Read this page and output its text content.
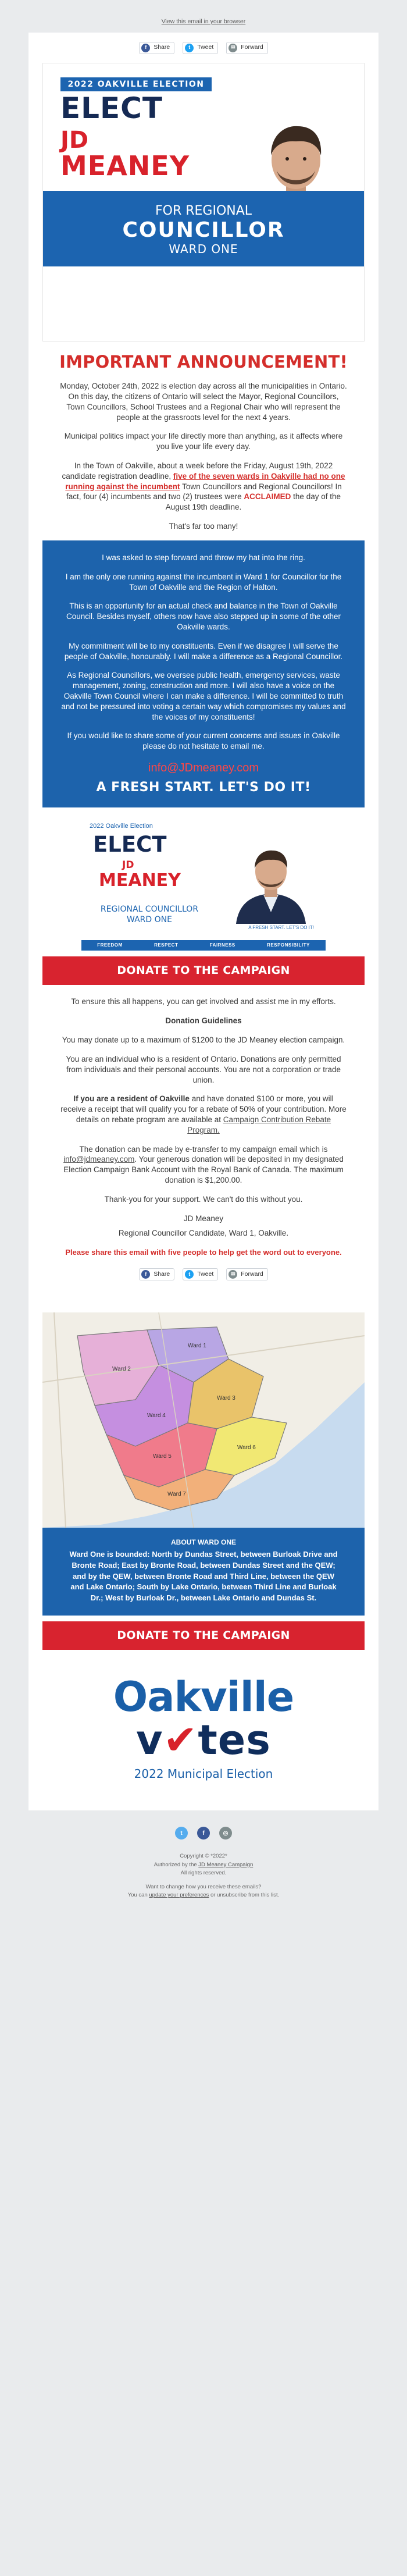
View this email in your browser
f	Share	t	Tweet	✉ Forward
2022 OAKVILLE ELECTION
ELECT
JD
MEANEY
FOR REGIONAL
COUNCILLOR
WARD ONE
IMPORTANT ANNOUNCEMENT!

Monday, October 24th, 2022 is election day across all the municipalities in Ontario. On this day, the citizens of Ontario will select the Mayor, Regional Councillors, Town Councillors, School Trustees and a Regional Chair who will represent the people at the grassroots level for the next 4 years.

Municipal politics impact your life directly more than anything, as it affects where you live your life every day.

In the Town of Oakville, about a week before the Friday, August 19th, 2022 candidate registration deadline, five of the seven wards in Oakville had no one running against the incumbent Town Councillors and Regional Councillors! In fact, four (4) incumbents and two (2) trustees were ACCLAIMED the day of the August 19th deadline.

That's far too many!

I was asked to step forward and throw my hat into the ring.

I am the only one running against the incumbent in Ward 1 for Councillor for the Town of Oakville and the Region of Halton.

This is an opportunity for an actual check and balance in the Town of Oakville Council. Besides myself, others now have also stepped up in some of the other Oakville wards.

My commitment will be to my constituents. Even if we disagree I will serve the people of Oakville, honourably. I will make a difference as a Regional Councillor.

As Regional Councillors, we oversee public health, emergency services, waste management, zoning, construction and more. I will also have a voice on the Oakville Town Council where I can make a difference. I will be committed to truth and not be pressured into voting a certain way which compromises my values and the voices of my constituents!

If you would like to share some of your current concerns and issues in Oakville please do not hesitate to email me.

info@JDmeaney.com
A FRESH START. LET'S DO IT!
2022 Oakville Election
ELECT
JD
MEANEY
REGIONAL COUNCILLOR
WARD ONE
A FRESH START. LET'S DO IT!
FREEDOM	RESPECT	FAIRNESS	RESPONSIBILITY
DONATE TO THE CAMPAIGN

To ensure this all happens, you can get involved and assist me in my efforts.

Donation Guidelines

You may donate up to a maximum of $1200 to the JD Meaney election campaign.

You are an individual who is a resident of Ontario. Donations are only permitted from individuals and their personal accounts. You are not a corporation or trade union.

If you are a resident of Oakville and have donated $100 or more, you will receive a receipt that will qualify you for a rebate of 50% of your contribution. More details on rebate program are available at Campaign Contribution Rebate Program.

The donation can be made by e-transfer to my campaign email which is info@jdmeaney.com. Your generous donation will be deposited in my designated Election Campaign Bank Account with the Royal Bank of Canada. The maximum donation is $1,200.00.

Thank-you for your support. We can't do this without you.

JD Meaney

Regional Councillor Candidate, Ward 1, Oakville.

Please share this email with five people to help get the word out to everyone.

f	Share	t	Tweet	✉ Forward
Ward 1
Ward 2
Ward 3
Ward 4
Ward 5
Ward 6
Ward 7
ABOUT WARD ONE
Ward One is bounded: North by Dundas Street, between Burloak Drive and Bronte Road; East by Bronte Road, between Dundas Street and the QEW; and by the QEW, between Bronte Road and Third Line, between the QEW and Lake Ontario; South by Lake Ontario, between Third Line and Burloak Dr.; West by Burloak Dr., between Lake Ontario and Dundas St.
DONATE TO THE CAMPAIGN
Oakville
v✔tes
2022 Municipal Election
t	f	◎
Copyright © *2022*
Authorized by the JD Meaney Campaign
All rights reserved.
Want to change how you receive these emails?
You can update your preferences or unsubscribe from this list.
